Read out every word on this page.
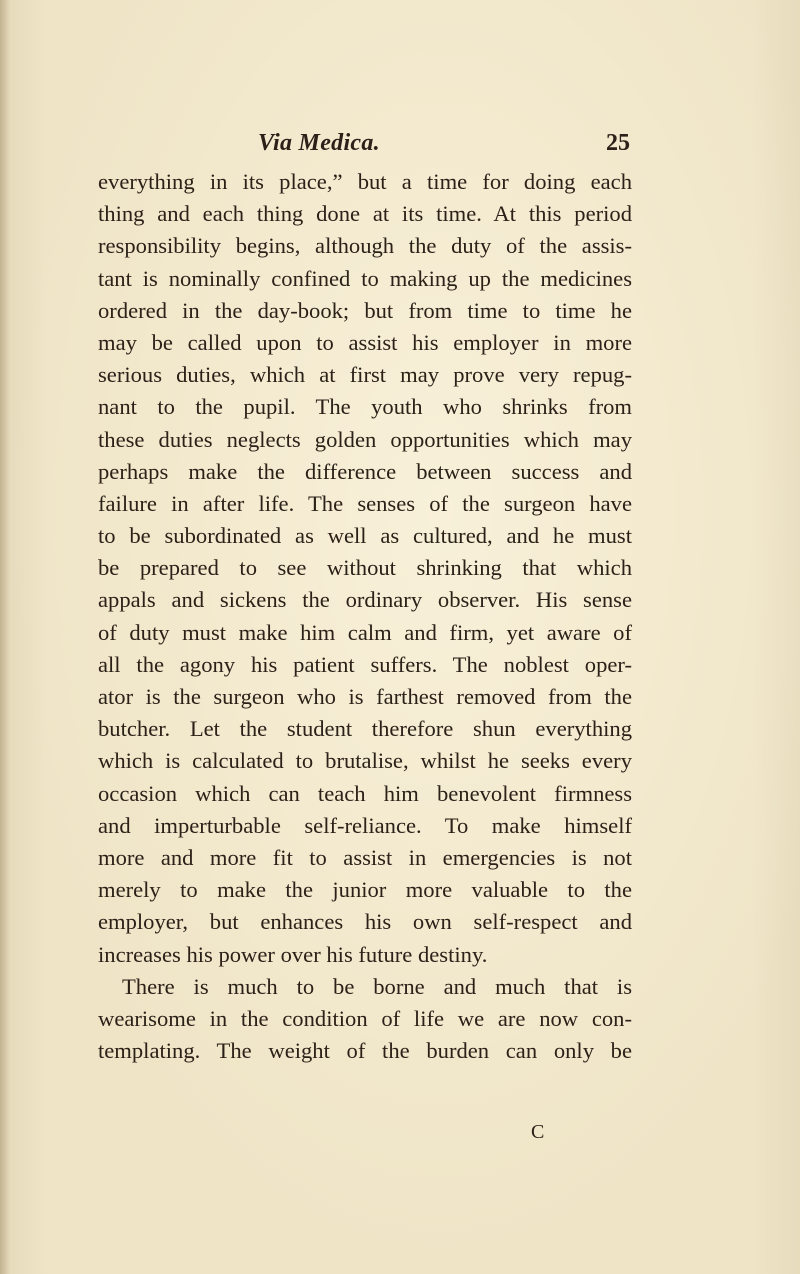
Via Medica.	25
everything in its place,” but a time for doing each
thing and each thing done at its time. At this period
responsibility begins, although the duty of the assis-
tant is nominally confined to making up the medicines
ordered in the day-book; but from time to time he
may be called upon to assist his employer in more
serious duties, which at first may prove very repug-
nant to the pupil. The youth who shrinks from
these duties neglects golden opportunities which may
perhaps make the difference between success and
failure in after life. The senses of the surgeon have
to be subordinated as well as cultured, and he must
be prepared to see without shrinking that which
appals and sickens the ordinary observer. His sense
of duty must make him calm and firm, yet aware of
all the agony his patient suffers. The noblest oper-
ator is the surgeon who is farthest removed from the
butcher. Let the student therefore shun everything
which is calculated to brutalise, whilst he seeks every
occasion which can teach him benevolent firmness
and imperturbable self-reliance. To make himself
more and more fit to assist in emergencies is not
merely to make the junior more valuable to the
employer, but enhances his own self-respect and
increases his power over his future destiny.
There is much to be borne and much that is
wearisome in the condition of life we are now con-
templating. The weight of the burden can only be
C
